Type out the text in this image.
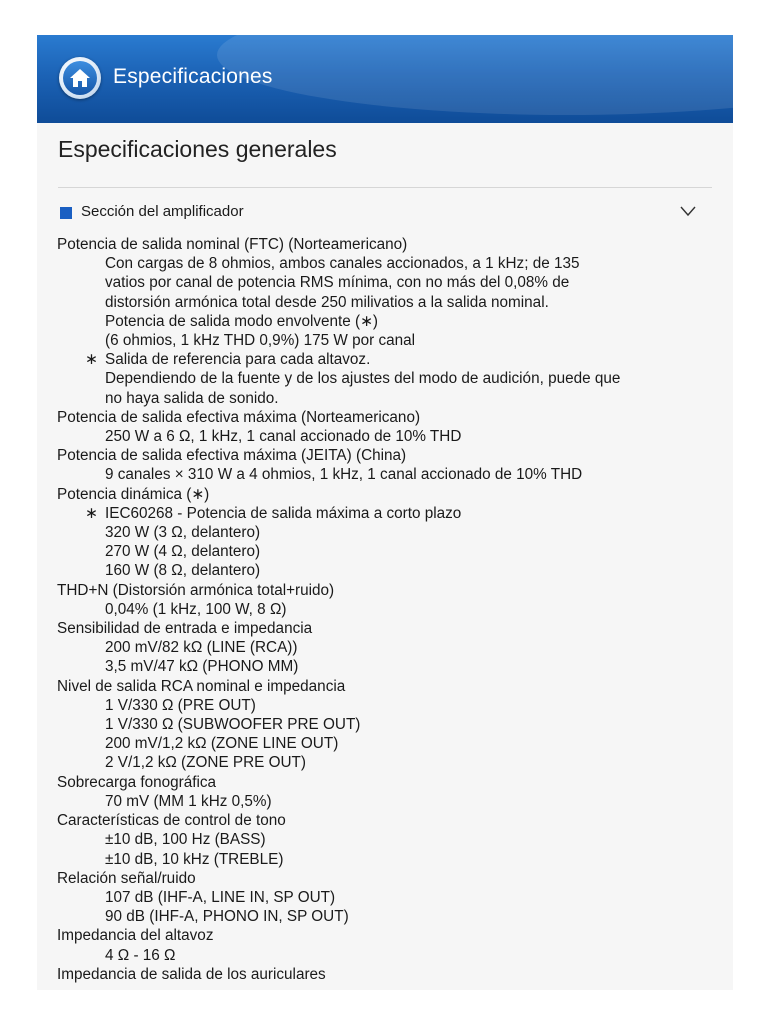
Especificaciones
Especificaciones generales
Sección del amplificador
Potencia de salida nominal (FTC) (Norteamericano)
Con cargas de 8 ohmios, ambos canales accionados, a 1 kHz; de 135
vatios por canal de potencia RMS mínima, con no más del 0,08% de
distorsión armónica total desde 250 milivatios a la salida nominal.
Potencia de salida modo envolvente (∗)
(6 ohmios, 1 kHz THD 0,9%) 175 W por canal
∗ Salida de referencia para cada altavoz.
Dependiendo de la fuente y de los ajustes del modo de audición, puede que
no haya salida de sonido.
Potencia de salida efectiva máxima (Norteamericano)
250 W a 6 Ω, 1 kHz, 1 canal accionado de 10% THD
Potencia de salida efectiva máxima (JEITA) (China)
9 canales × 310 W a 4 ohmios, 1 kHz, 1 canal accionado de 10% THD
Potencia dinámica (∗)
∗ IEC60268 - Potencia de salida máxima a corto plazo
320 W (3 Ω, delantero)
270 W (4 Ω, delantero)
160 W (8 Ω, delantero)
THD+N (Distorsión armónica total+ruido)
0,04% (1 kHz, 100 W, 8 Ω)
Sensibilidad de entrada e impedancia
200 mV/82 kΩ (LINE (RCA))
3,5 mV/47 kΩ (PHONO MM)
Nivel de salida RCA nominal e impedancia
1 V/330 Ω (PRE OUT)
1 V/330 Ω (SUBWOOFER PRE OUT)
200 mV/1,2 kΩ (ZONE LINE OUT)
2 V/1,2 kΩ (ZONE PRE OUT)
Sobrecarga fonográfica
70 mV (MM 1 kHz 0,5%)
Características de control de tono
±10 dB, 100 Hz (BASS)
±10 dB, 10 kHz (TREBLE)
Relación señal/ruido
107 dB (IHF-A, LINE IN, SP OUT)
90 dB (IHF-A, PHONO IN, SP OUT)
Impedancia del altavoz
4 Ω - 16 Ω
Impedancia de salida de los auriculares
